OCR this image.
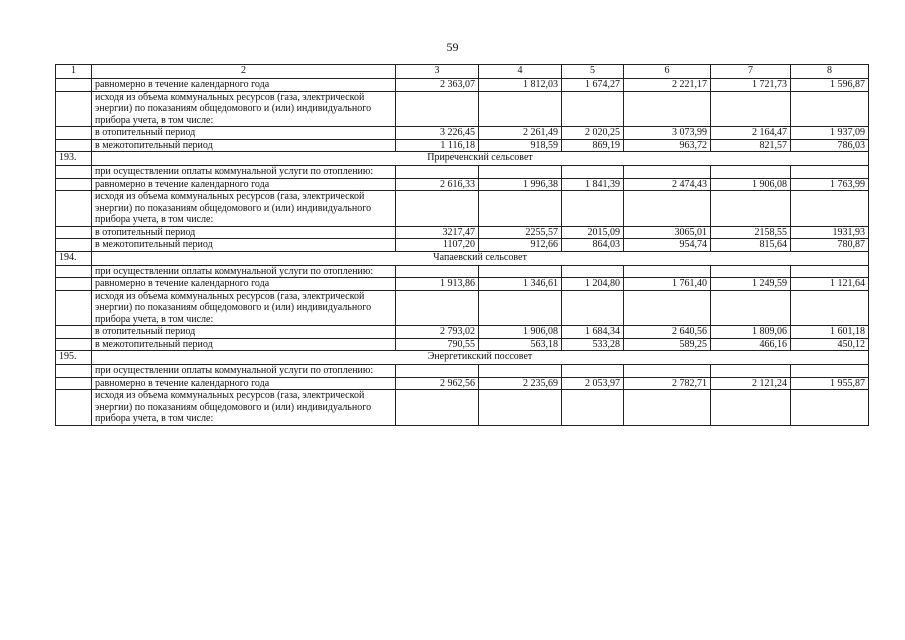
59
1	2	3	4	5	6	7	8
	равномерно в течение календарного года	2 363,07	1 812,03	1 674,27	2 221,17	1 721,73	1 596,87
	исходя из объема коммунальных ресурсов (газа, электрической энергии) по показаниям общедомового и (или) индивидуального прибора учета, в том числе:						
	в отопительный период	3 226,45	2 261,49	2 020,25	3 073,99	2 164,47	1 937,09
	в межотопительный период	1 116,18	918,59	869,19	963,72	821,57	786,03
193.	Приреченский сельсовет						
	при осуществлении оплаты коммунальной услуги по отоплению:						
	равномерно в течение календарного года	2 616,33	1 996,38	1 841,39	2 474,43	1 906,08	1 763,99
	исходя из объема коммунальных ресурсов (газа, электрической энергии) по показаниям общедомового и (или) индивидуального прибора учета, в том числе:						
	в отопительный период	3217,47	2255,57	2015,09	3065,01	2158,55	1931,93
	в межотопительный период	1107,20	912,66	864,03	954,74	815,64	780,87
194.	Чапаевский сельсовет						
	при осуществлении оплаты коммунальной услуги по отоплению:						
	равномерно в течение календарного года	1 913,86	1 346,61	1 204,80	1 761,40	1 249,59	1 121,64
	исходя из объема коммунальных ресурсов (газа, электрической энергии) по показаниям общедомового и (или) индивидуального прибора учета, в том числе:						
	в отопительный период	2 793,02	1 906,08	1 684,34	2 640,56	1 809,06	1 601,18
	в межотопительный период	790,55	563,18	533,28	589,25	466,16	450,12
195.	Энергетикский поссовет						
	при осуществлении оплаты коммунальной услуги по отоплению:						
	равномерно в течение календарного года	2 962,56	2 235,69	2 053,97	2 782,71	2 121,24	1 955,87
	исходя из объема коммунальных ресурсов (газа, электрической энергии) по показаниям общедомового и (или) индивидуального прибора учета, в том числе:						
